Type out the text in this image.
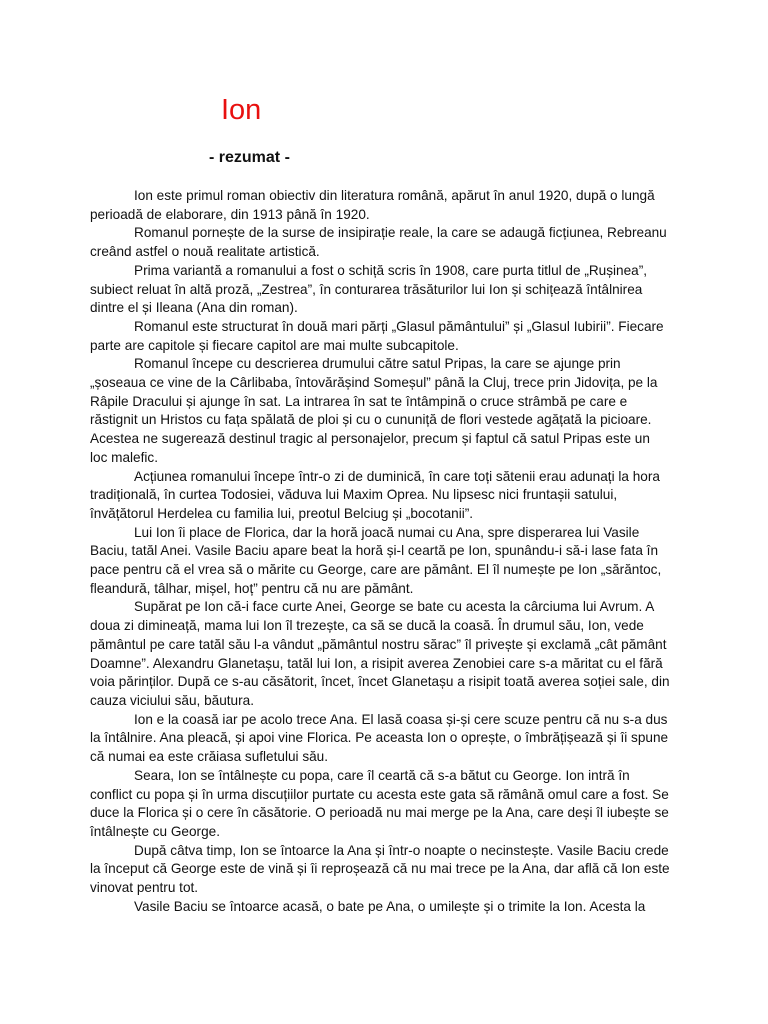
Ion
- rezumat -

Ion este primul roman obiectiv din literatura română, apărut în anul 1920, după o lungă perioadă de elaborare, din 1913 până în 1920.

Romanul pornește de la surse de insipirație reale, la care se adaugă ficțiunea, Rebreanu creând astfel o nouă realitate artistică.

Prima variantă a romanului a fost o schiță scris în 1908, care purta titlul de „Rușinea”, subiect reluat în altă proză, „Zestrea”, în conturarea trăsăturilor lui Ion și schițează întâlnirea dintre el și Ileana (Ana din roman).

Romanul este structurat în două mari părți „Glasul pământului” și „Glasul Iubirii”. Fiecare parte are capitole și fiecare capitol are mai multe subcapitole.

Romanul începe cu descrierea drumului către satul Pripas, la care se ajunge prin „șoseaua ce vine de la Cârlibaba, întovărășind Someșul” până la Cluj, trece prin Jidovița, pe la Râpile Dracului și ajunge în sat. La intrarea în sat te întâmpină o cruce strâmbă pe care e răstignit un Hristos cu fața spălată de ploi și cu o cununiță de flori vestede agățată la picioare. Acestea ne sugerează destinul tragic al personajelor, precum și faptul că satul Pripas este un loc malefic.

Acțiunea romanului începe într-o zi de duminică, în care toți sătenii erau adunați la hora tradițională, în curtea Todosiei, văduva lui Maxim Oprea. Nu lipsesc nici fruntașii satului, învățătorul Herdelea cu familia lui, preotul Belciug și „bocotanii”.

Lui Ion îi place de Florica, dar la horă joacă numai cu Ana, spre disperarea lui Vasile Baciu, tatăl Anei. Vasile Baciu apare beat la horă și-l ceartă pe Ion, spunându-i să-i lase fata în pace pentru că el vrea să o mărite cu George, care are pământ. El îl numește pe Ion „sărăntoc, fleandură, tâlhar, mișel, hoț” pentru că nu are pământ.

Supărat pe Ion că-i face curte Anei, George se bate cu acesta la cârciuma lui Avrum. A doua zi dimineață, mama lui Ion îl trezește, ca să se ducă la coasă. În drumul său, Ion, vede pământul pe care tatăl său l-a vândut „pământul nostru sărac” îl privește și exclamă „cât pământ Doamne”. Alexandru Glanetașu, tatăl lui Ion, a risipit averea Zenobiei care s-a măritat cu el fără voia părinților. După ce s-au căsătorit, încet, încet Glanetașu a risipit toată averea soției sale, din cauza viciului său, băutura.

Ion e la coasă iar pe acolo trece Ana. El lasă coasa și-și cere scuze pentru că nu s-a dus la întâlnire. Ana pleacă, și apoi vine Florica. Pe aceasta Ion o oprește, o îmbrățișează și îi spune că numai ea este crăiasa sufletului său.

Seara, Ion se întâlnește cu popa, care îl ceartă că s-a bătut cu George. Ion intră în conflict cu popa și în urma discuțiilor purtate cu acesta este gata să rămână omul care a fost. Se duce la Florica și o cere în căsătorie. O perioadă nu mai merge pe la Ana, care deși îl iubește se întâlnește cu George.

După câtva timp, Ion se întoarce la Ana și într-o noapte o necinstește. Vasile Baciu crede la început că George este de vină și îi reproșează că nu mai trece pe la Ana, dar află că Ion este vinovat pentru tot.

Vasile Baciu se întoarce acasă, o bate pe Ana, o umilește și o trimite la Ion. Acesta la
